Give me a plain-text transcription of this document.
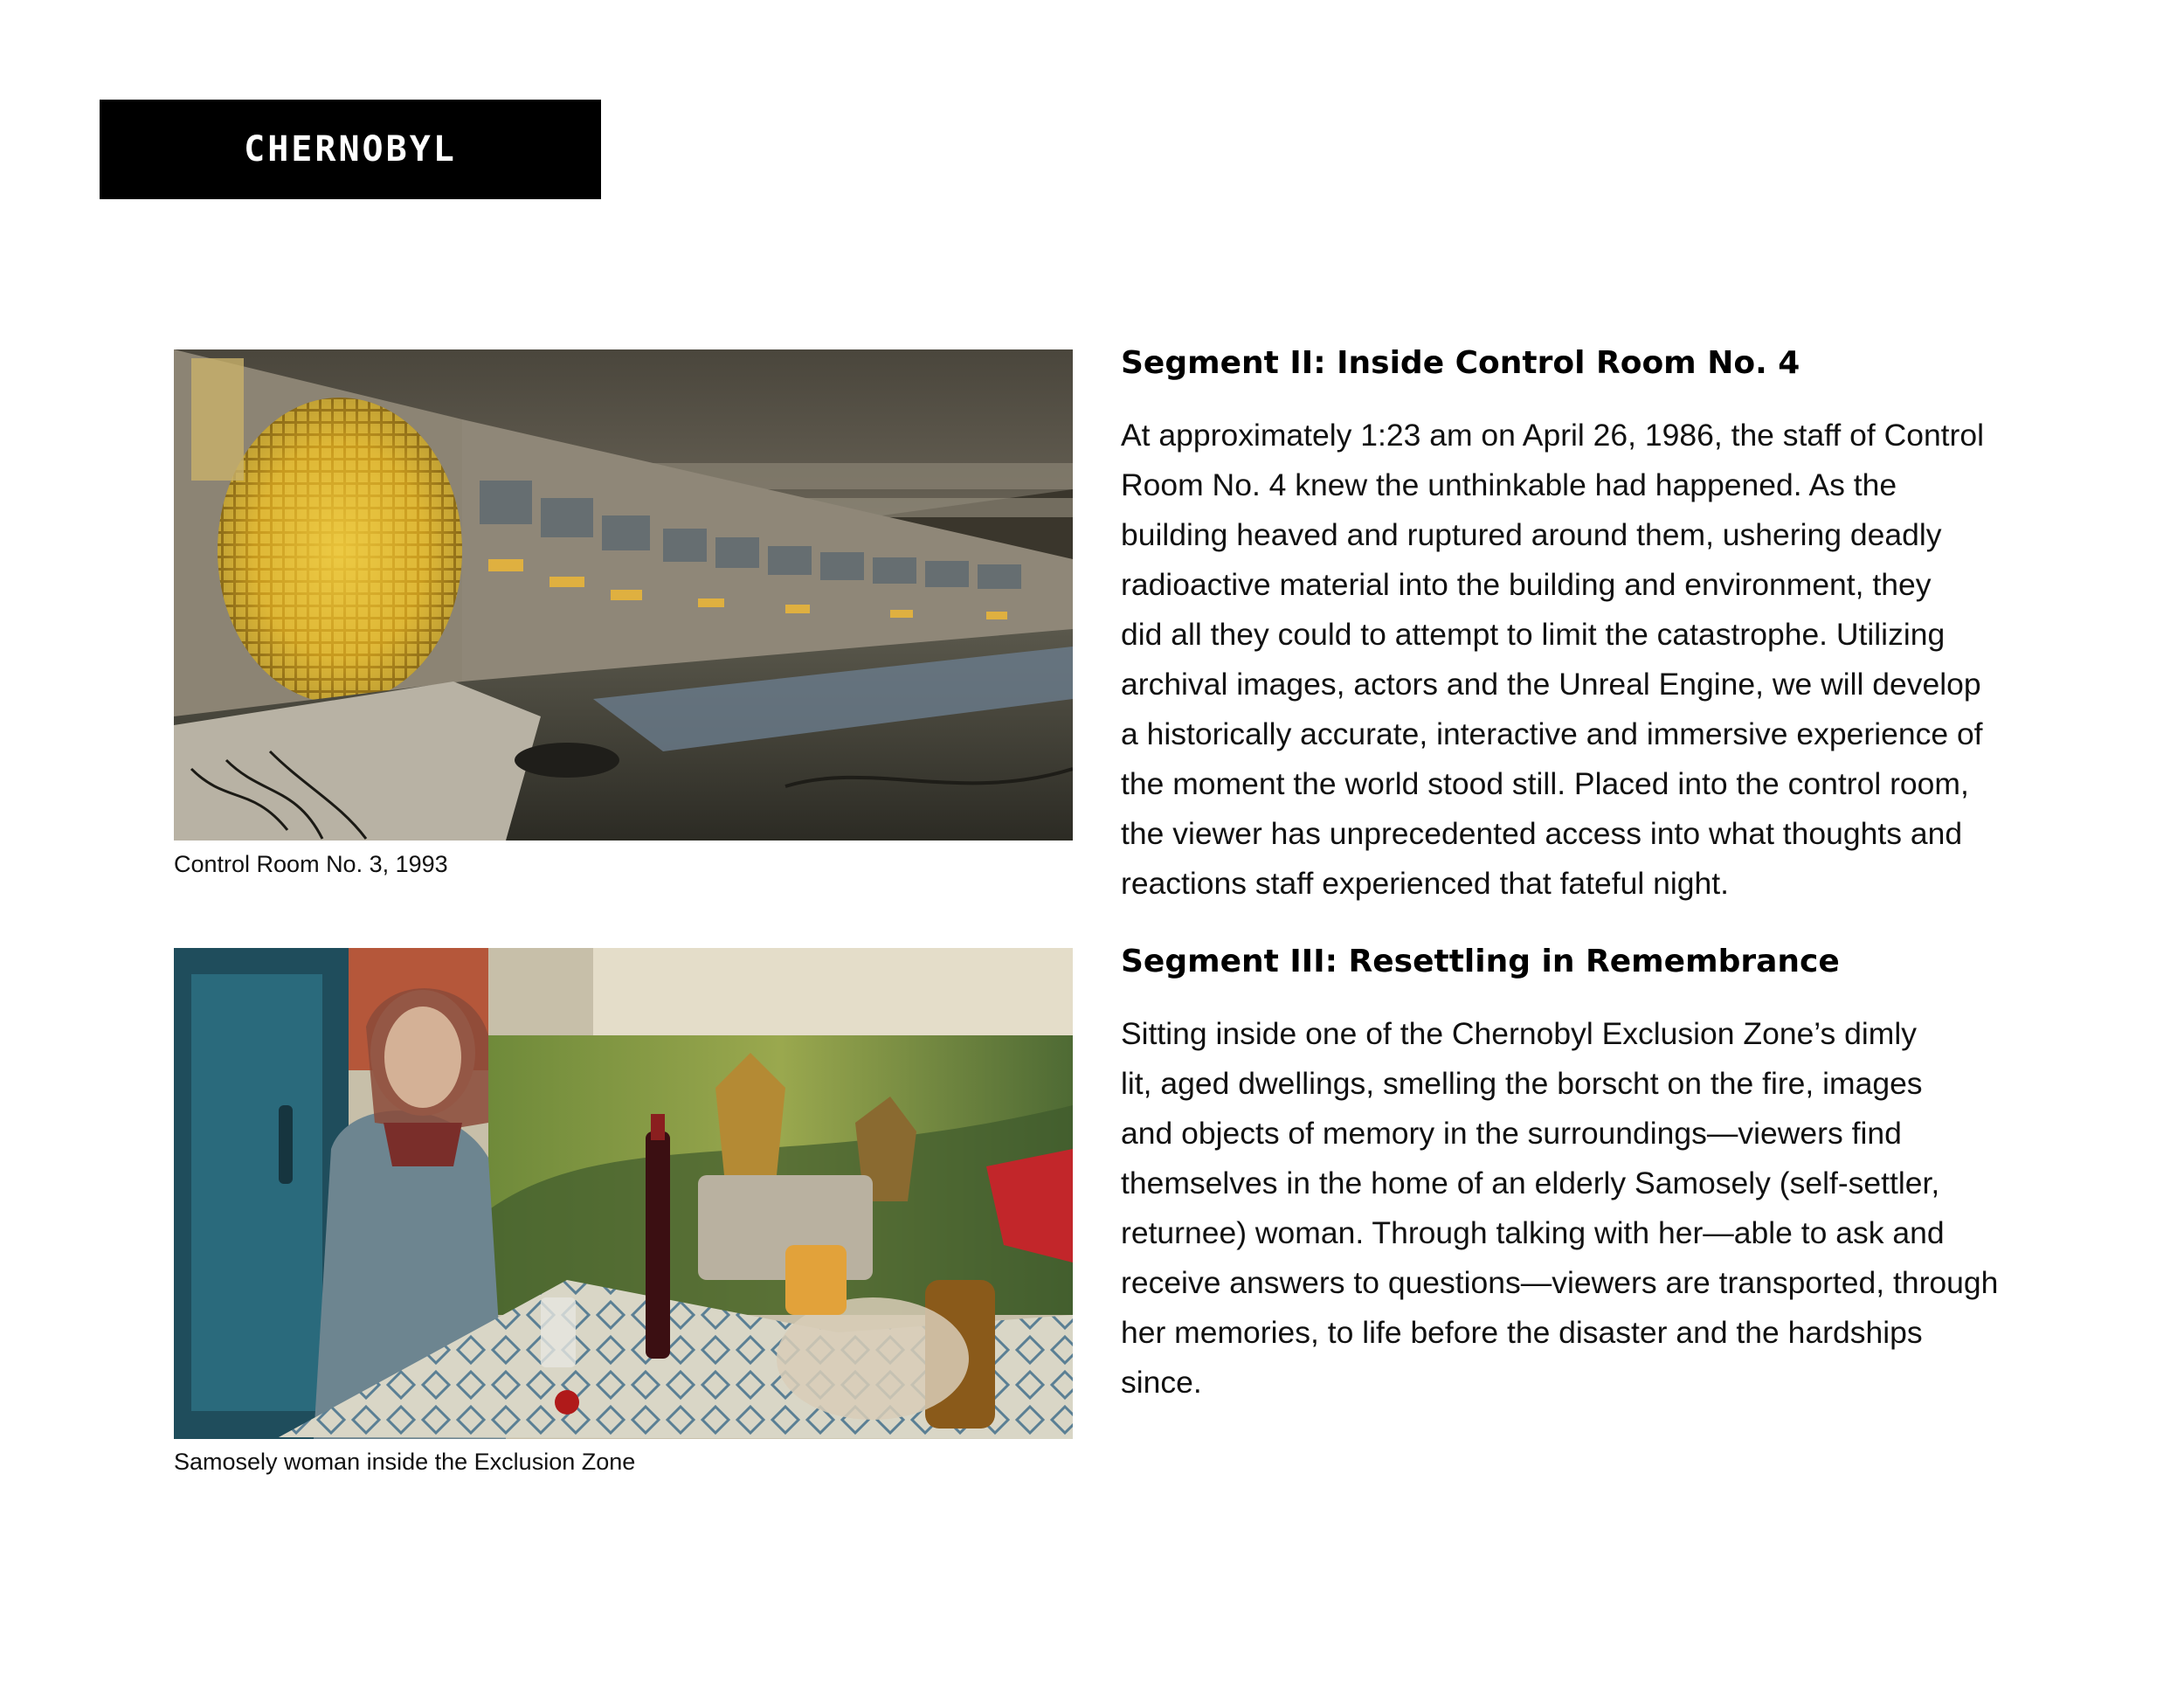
CHERNOBYL
Control Room No. 3, 1993
Samosely woman inside the Exclusion Zone
Segment II: Inside Control Room No. 4
At approximately 1:23 am on April 26, 1986, the staff of Control
Room No. 4 knew the unthinkable had happened. As the
building heaved and ruptured around them, ushering deadly
radioactive material into the building and environment, they
did all they could to attempt to limit the catastrophe. Utilizing
archival images, actors and the Unreal Engine, we will develop
a historically accurate, interactive and immersive experience of
the moment the world stood still. Placed into the control room,
the viewer has unprecedented access into what thoughts and
reactions staff experienced that fateful night.
Segment III: Resettling in Remembrance
Sitting inside one of the Chernobyl Exclusion Zone’s dimly
lit, aged dwellings, smelling the borscht on the fire, images
and objects of memory in the surroundings—viewers find
themselves in the home of an elderly Samosely (self-settler,
returnee) woman. Through talking with her—able to ask and
receive answers to questions—viewers are transported, through
her memories, to life before the disaster and the hardships
since.
